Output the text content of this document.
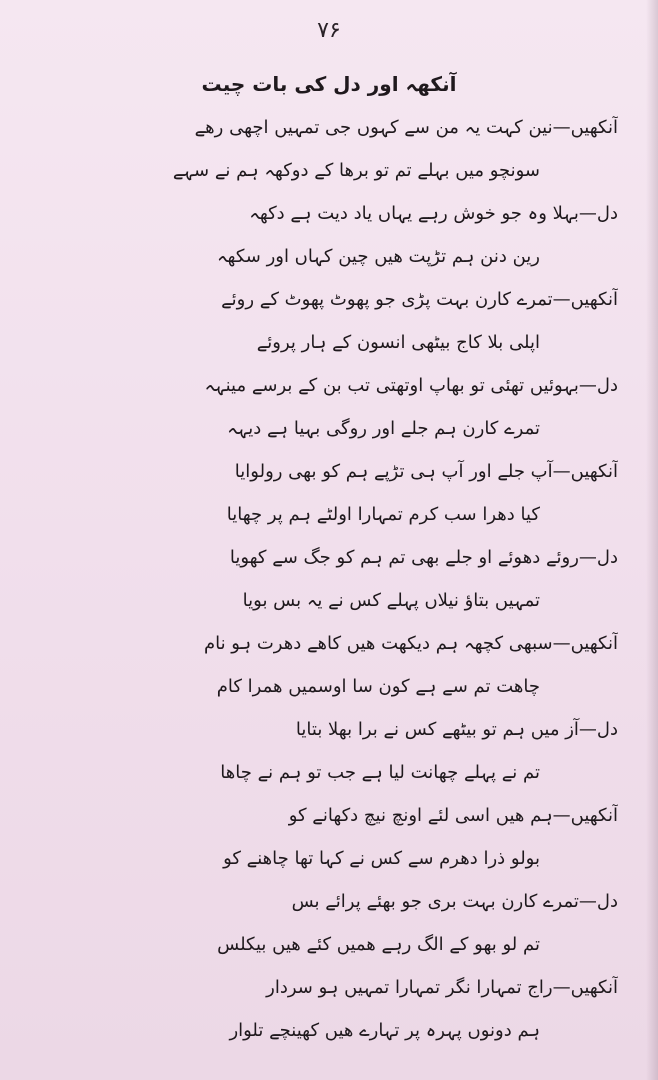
۷۶
آنکھہ اور دل کی بات چیت
آنکھیں—نین کہت یہ من سے کہوں جی تمہیں اچھی رھے
سونچو میں بہلے تم تو برھا کے دوکھہ ہم نے سہے
دل—بہلا وہ جو خوش رہے یہاں یاد دیت ہے دکھہ
رین دنن ہم تڑپت ھیں چین کہاں اور سکھہ
آنکھیں—تمرے کارن بہت پڑی جو پھوٹ پھوٹ کے روئے
اپلی بلا کاج بیٹھی انسون کے ہار پروئے
دل—بہوئیں تھئی تو بھاپ اوتھتی تب بن کے برسے مینہہ
تمرے کارن ہم جلے اور روگی بہیا ہے دیہہ
آنکھیں—آپ جلے اور آپ ہی تڑپے ہم کو بھی رولوایا
کیا دھرا سب کرم تمہارا اولٹے ہم پر چھایا
دل—روئے دھوئے او جلے بھی تم ہم کو جگ سے کھویا
تمہیں بتاؤ نیلاں پہلے کس نے یہ بس بویا
آنکھیں—سبھی کچھہ ہم دیکھت ھیں کاھے دھرت ہو نام
چاھت تم سے ہے کون سا اوسمیں ھمرا کام
دل—آز میں ہم تو بیٹھے کس نے برا بھلا بتایا
تم نے پہلے چھانت لیا ہے جب تو ہم نے چاھا
آنکھیں—ہم ھیں اسی لئے اونچ نیچ دکھانے کو
بولو ذرا دھرم سے کس نے کہا تھا چاھنے کو
دل—تمرے کارن بہت بری جو بھئے پرائے بس
تم لو بھو کے الگ رہے ھمیں کئے ھیں بیکلس
آنکھیں—راج تمہارا نگر تمہارا تمہیں ہو سردار
ہم دونوں پہرہ پر تہارے ھیں کھینچے تلوار
